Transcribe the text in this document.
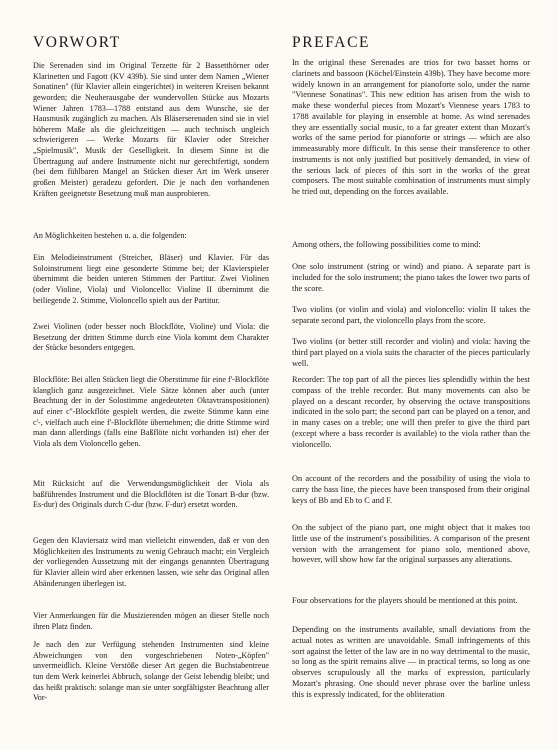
VORWORT

Die Serenaden sind im Original Terzette für 2 Bassetthörner oder Klarinetten und Fagott (KV 439b). Sie sind unter dem Namen „Wiener Sonatinen" (für Klavier allein eingerichtet) in weiteren Kreisen bekannt geworden; die Neuherausgabe der wundervollen Stücke aus Mozarts Wiener Jahren 1783—1788 entstand aus dem Wunsche, sie der Hausmusik zugänglich zu machen. Als Bläserserenaden sind sie in viel höherem Maße als die gleichzeitigen — auch technisch ungleich schwierigeren — Werke Mozarts für Klavier oder Streicher „Spielmusik", Musik der Geselligkeit. In diesem Sinne ist die Übertragung auf andere Instrumente nicht nur gerechtfertigt, sondern (bei dem fühlbaren Mangel an Stücken dieser Art im Werk unserer großen Meister) geradezu gefordert. Die je nach den vorhandenen Kräften geeignetste Besetzung muß man ausprobieren.

An Möglichkeiten bestehen u. a. die folgenden:

Ein Melodieinstrument (Streicher, Bläser) und Klavier. Für das Soloinstrument liegt eine gesonderte Stimme bei; der Klavierspieler übernimmt die beiden unteren Stimmen der Partitur. Zwei Violinen (oder Violine, Viola) und Violoncello: Violine II übernimmt die beiliegende 2. Stimme, Violoncello spielt aus der Partitur.

Zwei Violinen (oder besser noch Blockflöte, Violine) und Viola: die Besetzung der dritten Stimme durch eine Viola kommt dem Charakter der Stücke besonders entgegen.

Blockflöte: Bei allen Stücken liegt die Oberstimme für eine f'-Blockflöte klanglich ganz ausgezeichnet. Viele Sätze können aber auch (unter Beachtung der in der Solostimme angedeuteten Oktavtranspositionen) auf einer c''-Blockflöte gespielt werden, die zweite Stimme kann eine c'-, vielfach auch eine f'-Blockflöte übernehmen; die dritte Stimme wird man dann allerdings (falls eine Baßflöte nicht vorhanden ist) eher der Viola als dem Violoncello geben.

Mit Rücksicht auf die Verwendungsmöglichkeit der Viola als baßführendes Instrument und die Blockflöten ist die Tonart B-dur (bzw. Es-dur) des Originals durch C-dur (bzw. F-dur) ersetzt worden.

Gegen den Klaviersatz wird man vielleicht einwenden, daß er von den Möglichkeiten des Instruments zu wenig Gebrauch macht; ein Vergleich der vorliegenden Aussetzung mit der eingangs genannten Übertragung für Klavier allein wird aber erkennen lassen, wie sehr das Original allen Abänderungen überlegen ist.

Vier Anmerkungen für die Musizierenden mögen an dieser Stelle noch ihren Platz finden.

Je nach den zur Verfügung stehenden Instrumenten sind kleine Abweichungen von den vorgeschriebenen Noten-„Köpfen" unvermeidlich. Kleine Verstöße dieser Art gegen die Buchstabentreue tun dem Werk keinerlei Abbruch, solange der Geist lebendig bleibt; und das heißt praktisch: solange man sie unter sorgfältigster Beachtung aller Vor-

PREFACE

In the original these Serenades are trios for two basset horns or clarinets and bassoon (Köchel/Einstein 439b). They have become more widely known in an arrangement for pianoforte solo, under the name "Viennese Sonatinas". This new edition has arisen from the wish to make these wonderful pieces from Mozart's Viennese years 1783 to 1788 available for playing in ensemble at home. As wind serenades they are essentially social music, to a far greater extent than Mozart's works of the same period for pianoforte or strings — which are also immeasurably more difficult. In this sense their transference to other instruments is not only justified but positively demanded, in view of the serious lack of pieces of this sort in the works of the great composers. The most suitable combination of instruments must simply be tried out, depending on the forces available.

Among others, the following possibilities come to mind:

One solo instrument (string or wind) and piano. A separate part is included for the solo instrument; the piano takes the lower two parts of the score.

Two violins (or violin and viola) and violoncello: violin II takes the separate second part, the violoncello plays from the score.

Two violins (or better still recorder and violin) and viola: having the third part played on a viola suits the character of the pieces particularly well.

Recorder: The top part of all the pieces lies splendidly within the best compass of the treble recorder. But many movements can also be played on a descant recorder, by observing the octave transpositions indicated in the solo part; the second part can be played on a tenor, and in many cases on a treble; one will then prefer to give the third part (except where a bass recorder is available) to the viola rather than the violoncello.

On account of the recorders and the possibility of using the viola to carry the bass line, the pieces have been transposed from their original keys of Bb and Eb to C and F.

On the subject of the piano part, one might object that it makes too little use of the instrument's possibilities. A comparison of the present version with the arrangement for piano solo, mentioned above, however, will show how far the original surpasses any alterations.

Four observations for the players should be mentioned at this point.

Depending on the instruments available, small deviations from the actual notes as written are unavoidable. Small infringements of this sort against the letter of the law are in no way detrimental to the music, so long as the spirit remains alive — in practical terms, so long as one observes scrupulously all the marks of expression, particularly Mozart's phrasing. One should never phrase over the barline unless this is expressly indicated, for the obliteration
